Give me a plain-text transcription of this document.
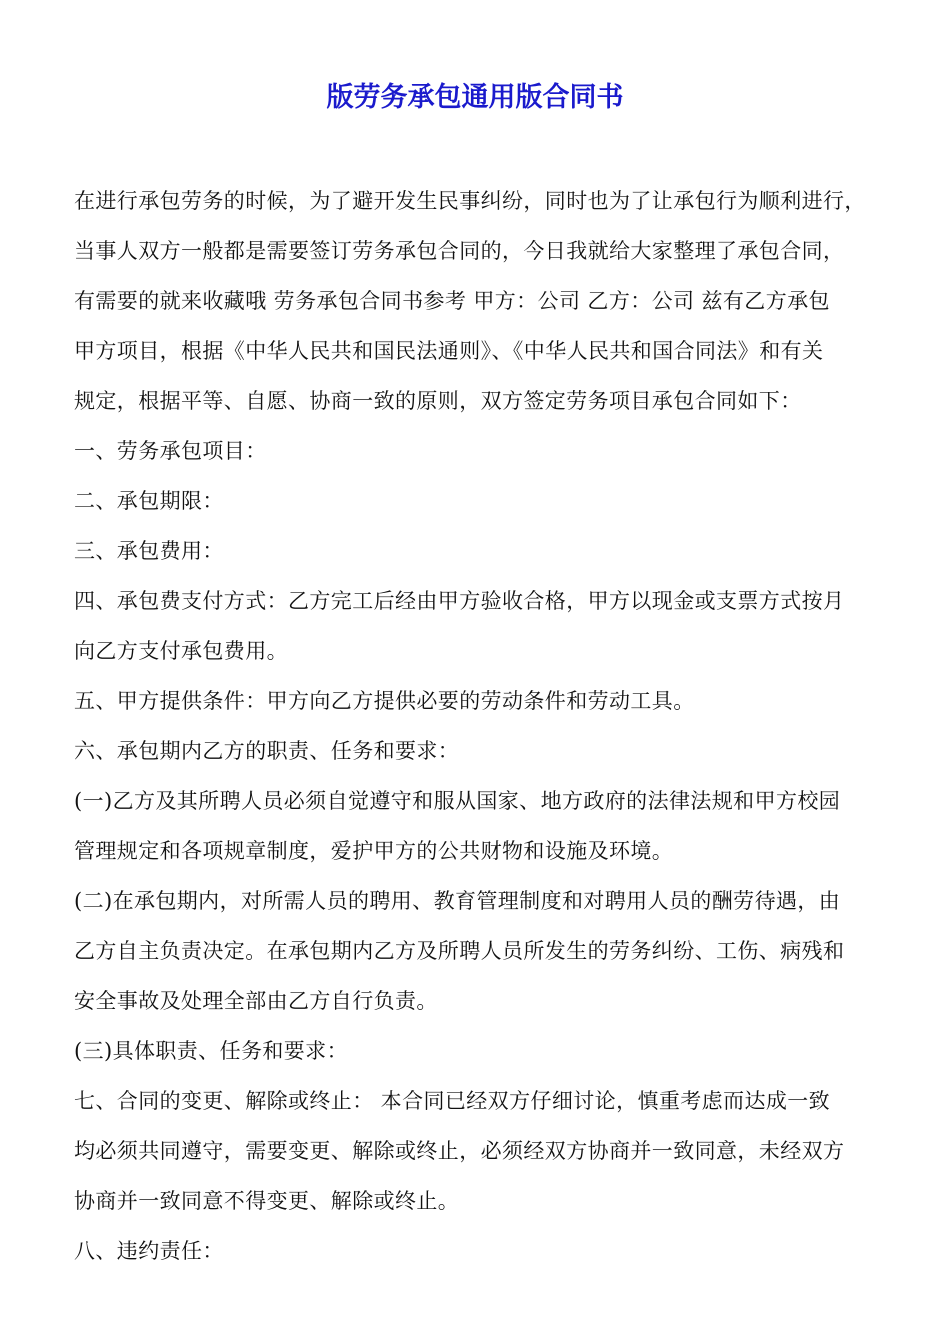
版劳务承包通用版合同书
在进行承包劳务的时候，为了避开发生民事纠纷，同时也为了让承包行为顺利进行，
当事人双方一般都是需要签订劳务承包合同的，今日我就给大家整理了承包合同，
有需要的就来收藏哦 劳务承包合同书参考 甲方：公司 乙方：公司 兹有乙方承包
甲方项目，根据《中华人民共和国民法通则》、《中华人民共和国合同法》和有关
规定，根据平等、自愿、协商一致的原则，双方签定劳务项目承包合同如下：
一、劳务承包项目：
二、承包期限：
三、承包费用：
四、承包费支付方式：乙方完工后经由甲方验收合格，甲方以现金或支票方式按月
向乙方支付承包费用。
五、甲方提供条件：甲方向乙方提供必要的劳动条件和劳动工具。
六、承包期内乙方的职责、任务和要求：
(一)乙方及其所聘人员必须自觉遵守和服从国家、地方政府的法律法规和甲方校园
管理规定和各项规章制度，爱护甲方的公共财物和设施及环境。
(二)在承包期内，对所需人员的聘用、教育管理制度和对聘用人员的酬劳待遇，由
乙方自主负责决定。在承包期内乙方及所聘人员所发生的劳务纠纷、工伤、病残和
安全事故及处理全部由乙方自行负责。
(三)具体职责、任务和要求：
七、合同的变更、解除或终止： 本合同已经双方仔细讨论，慎重考虑而达成一致
均必须共同遵守，需要变更、解除或终止，必须经双方协商并一致同意，未经双方
协商并一致同意不得变更、解除或终止。
八、违约责任：
